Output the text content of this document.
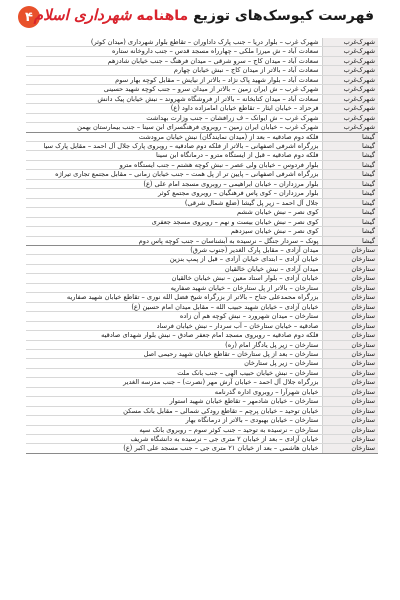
۴	فهرست کیوسک‌های توزیع ماهنامه شهرداری اسلام
شهرک‌غرب	شهرک غرب – بلوار دریا – جنب پارک داداوران – تقاطع بلوار شهرداری (میدان کوثر)
شهرک‌غرب	سعادت آباد – ش میرزا ملکی – چهارراه مسجد قدس – جنب داروخانه ستاره
شهرک‌غرب	سعادت آباد – میدان کاج – سرو شرقی – میدان فرهنگ – جنب خیابان شادزهم
شهرک‌غرب	سعادت آباد – بالاتر از میدان کاج – نبش خیابان چهارم
شهرک‌غرب	سعادت آباد – بلوار شهید پاک نژاد – بالاتر از نیایش – مقابل کوچه بهار سوم
شهرک‌غرب	شهرک غرب – ش ایران زمین – بالاتر از میدان سرو – جنب کوچه شهید حسینی
شهرک‌غرب	سعادت آباد – میدان کتابخانه – بالاتر از فروشگاه شهروند – نبش خیابان پیک دانش
شهرک‌غرب	فرحزاد – خیابان ایثار – تقاطع خیابان امامزاده داود (ع)
شهرک‌غرب	شهرک غرب – ش ایوانک – ف زرافشان – جنب وزارت بهداشت
شهرک‌غرب	شهرک غرب – خیابان ایران زمین – روبروی فرهنگسرای ابن سینا – جنب بیمارستان بهمن
گیشا	فلکه دوم صادقیه – بعد از (میدان نمایندگان) نبش خیابان مرودشت
گیشا	بزرگراه اشرفی اصفهانی – بالاتر از فلکه دوم صادقیه – روبروی پارک جلال آل احمد – مقابل پارک سیا
گیشا	فلکه دوم صادقیه – قبل از ایستگاه مترو – درمانگاه ابن سینا
گیشا	بلوار فردوس – خیابان ولی عصر – نبش کوچه هشتم – جنب ایستگاه مترو
گیشا	بزرگراه اشرفی اصفهانی – پایین تر از پل همت – جنب خیابان زمانی – مقابل مجتمع تجاری تیراژه
گیشا	بلوار مرزداران – خیابان ابراهیمی – روبروی مسجد امام علی (ع)
گیشا	بلوار مرزداران – کوی پاس فرهنگیان – روبروی مجتمع کوثر
گیشا	جلال آل احمد – زیر پل گیشا (ضلع شمال شرقی)
گیشا	کوی نصر – نبش خیابان ششم
گیشا	کوی نصر – نبش خیابان بیست و نهم – روبروی مسجد جعفری
گیشا	کوی نصر – نبش خیابان سیزدهم
گیشا	پونک – سردار جنگل – نرسیده به آبشناسان – جنب کوچه پاس دوم
ستارخان	میدان آزادی – مقابل پارک الغدیر (جنوب شرق)
ستارخان	خیابان آزادی – ابتدای خیابان آزادی – قبل از پمپ بنزین
ستارخان	میدان آزادی – نبش خیابان خالقیان
ستارخان	خیابان آزادی – بلوار استاد معین – نبش خیابان خالقیان
ستارخان	ستارخان – بالاتر از پل ستارخان – خیابان شهید صفاریه
ستارخان	بزرگراه محمدعلی جناح – بالاتر از بزرگراه شیخ فضل الله نوری – تقاطع خیابان شهید صفاریه
ستارخان	خیابان آزادی – خیابان شهید حبیب الله – مقابل میدان امام حسین (ع)
ستارخان	ستارخان – میدان شهرورد – نبش کوچه هم آن زاده
ستارخان	صادقیه – خیابان ستارخان – آب سردار – نبش خیابان فرساد
ستارخان	فلکه دوم صادقیه – روبروی مسجد امام جعفر صادق – نبش بلوار شهدای صادقیه
ستارخان	ستارخان – زیر پل یادگار امام (ره)
ستارخان	ستارخان – بعد از پل ستارخان – تقاطع خیابان شهید رحیمی اصل
ستارخان	ستارخان – زیر پل ستارخان
ستارخان	ستارخان – نبش خیابان حبیب الهی – جنب بانک ملت
ستارخان	بزرگراه جلال آل احمد – خیابان آرش مهر (نصرت) – جنب مدرسه الغدیر
ستارخان	خیابان شهرآرا – روبروی اداره گذرنامه
ستارخان	ستارخان – خیابان شادمهر – تقاطع خیابان شهید استوار
ستارخان	خیابان توحید – خیابان پرچم – تقاطع رودکی شمالی – مقابل بانک مسکن
ستارخان	ستارخان – خیابان بهبودی – بالاتر از درمانگاه بهار
ستارخان	ستارخان – نرسیده به توحید – جنب کوثر سوم – روبروی بانک سپه
ستارخان	خیابان آزادی – بعد از خیابان ۲ متری جی – نرسیده به دانشگاه شریف
ستارخان	خیابان هاشمی – بعد از خیابان ۲۱ متری جی – جنب مسجد علی اکبر (ع)
